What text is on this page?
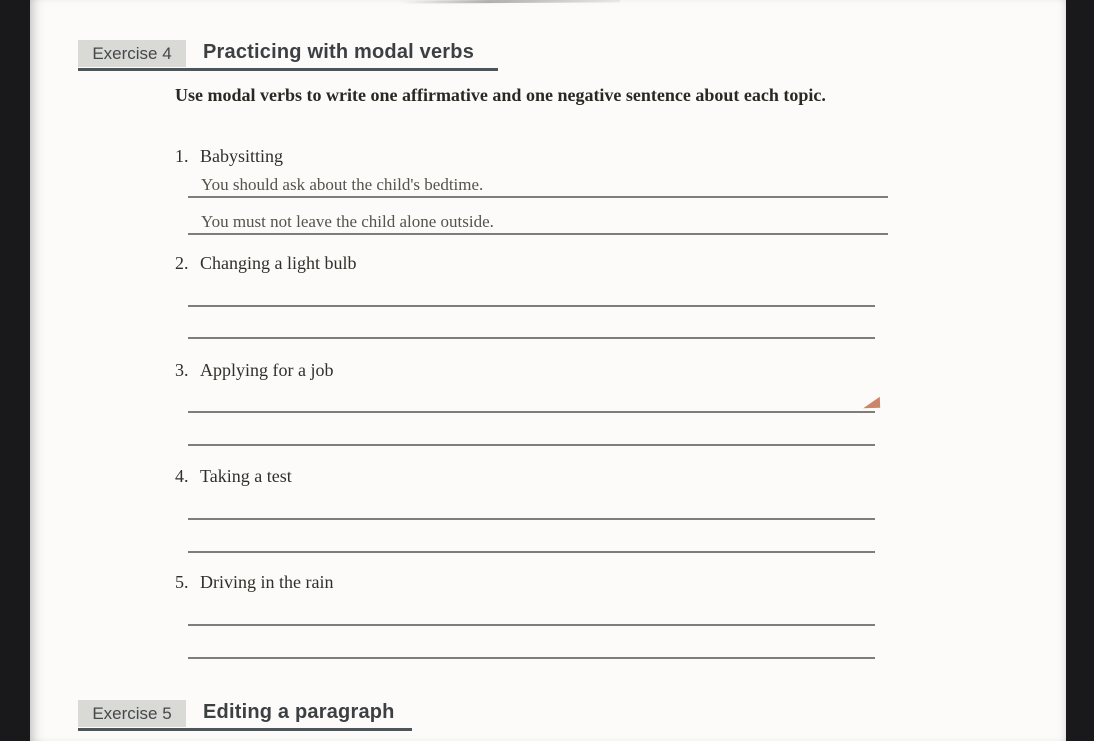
Exercise 4 Practicing with modal verbs
Use modal verbs to write one affirmative and one negative sentence about each topic.
1. Babysitting
You should ask about the child's bedtime.
You must not leave the child alone outside.
2. Changing a light bulb
3. Applying for a job
4. Taking a test
5. Driving in the rain
Exercise 5 Editing a paragraph
